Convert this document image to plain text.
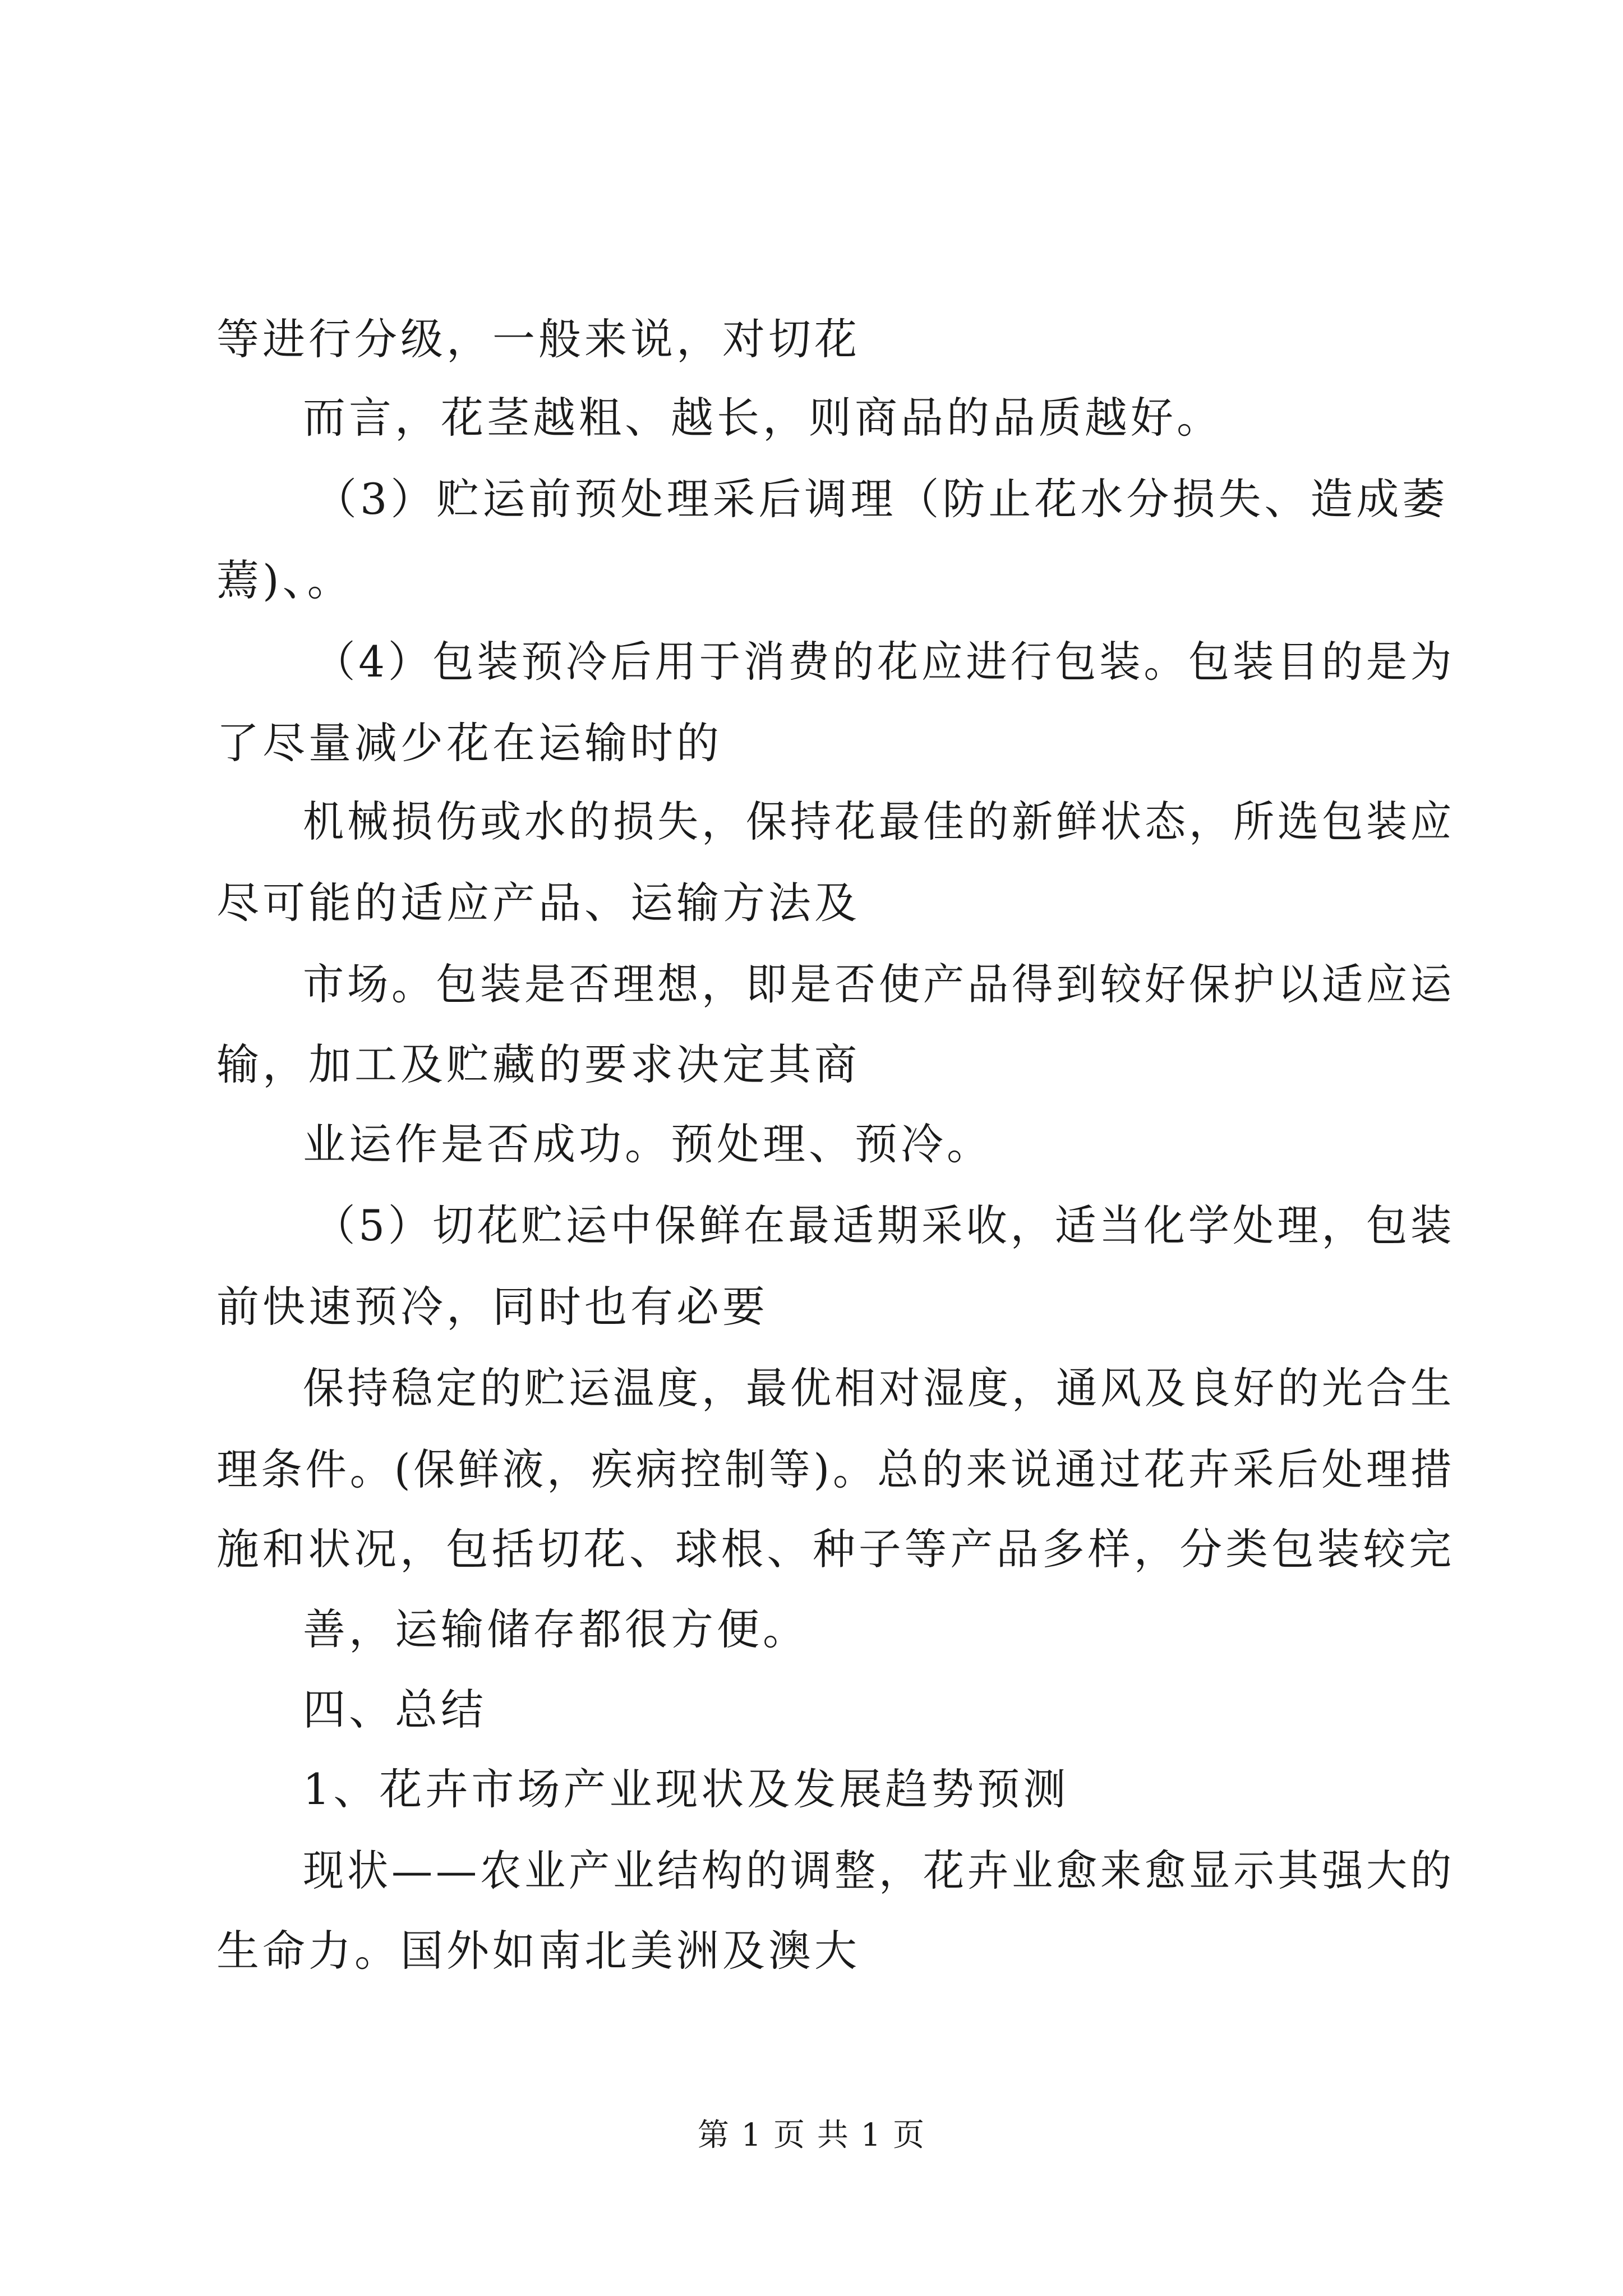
等进行分级，一般来说，对切花
而言，花茎越粗、越长，则商品的品质越好。
（3）贮运前预处理采后调理（防止花水分损失、造成萎
蔫)、。
（4）包装预冷后用于消费的花应进行包装。包装目的是为
了尽量减少花在运输时的
机械损伤或水的损失，保持花最佳的新鲜状态，所选包装应
尽可能的适应产品、运输方法及
市场。包装是否理想，即是否使产品得到较好保护以适应运
输，加工及贮藏的要求决定其商
业运作是否成功。预处理、预冷。
（5）切花贮运中保鲜在最适期采收，适当化学处理，包装
前快速预冷，同时也有必要
保持稳定的贮运温度，最优相对湿度，通风及良好的光合生
理条件。(保鲜液，疾病控制等)。总的来说通过花卉采后处理措
施和状况，包括切花、球根、种子等产品多样，分类包装较完
善，运输储存都很方便。
四、总结
1、花卉市场产业现状及发展趋势预测
现状——农业产业结构的调整，花卉业愈来愈显示其强大的
生命力。国外如南北美洲及澳大
第 1 页 共 1 页
